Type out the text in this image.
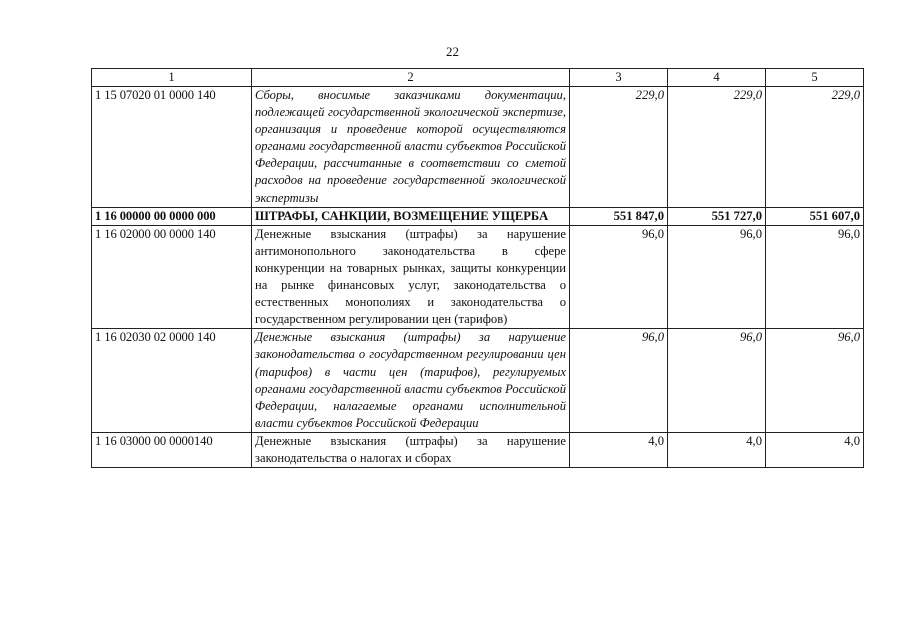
22
1	2	3	4	5
1 15 07020 01 0000 140	Сборы, вносимые заказчиками документации, подлежащей государственной экологической экспертизе, организация и проведение которой осуществляются органами государственной власти субъектов Российской Федерации, рассчитанные в соответствии со сметой расходов на проведение государственной экологической экспертизы	229,0	229,0	229,0
1 16 00000 00 0000 000	ШТРАФЫ, САНКЦИИ, ВОЗМЕЩЕНИЕ УЩЕРБА	551 847,0	551 727,0	551 607,0
1 16 02000 00 0000 140	Денежные взыскания (штрафы) за нарушение антимонопольного законодательства в сфере конкуренции на товарных рынках, защиты конкуренции на рынке финансовых услуг, законодательства о естественных монополиях и законодательства о государственном регулировании цен (тарифов)	96,0	96,0	96,0
1 16 02030 02 0000 140	Денежные взыскания (штрафы) за нарушение законодательства о государственном регулировании цен (тарифов) в части цен (тарифов), регулируемых органами государственной власти субъектов Российской Федерации, налагаемые органами исполнительной власти субъектов Российской Федерации	96,0	96,0	96,0
1 16 03000 00 0000140	Денежные взыскания (штрафы) за нарушение законодательства о налогах и сборах	4,0	4,0	4,0
